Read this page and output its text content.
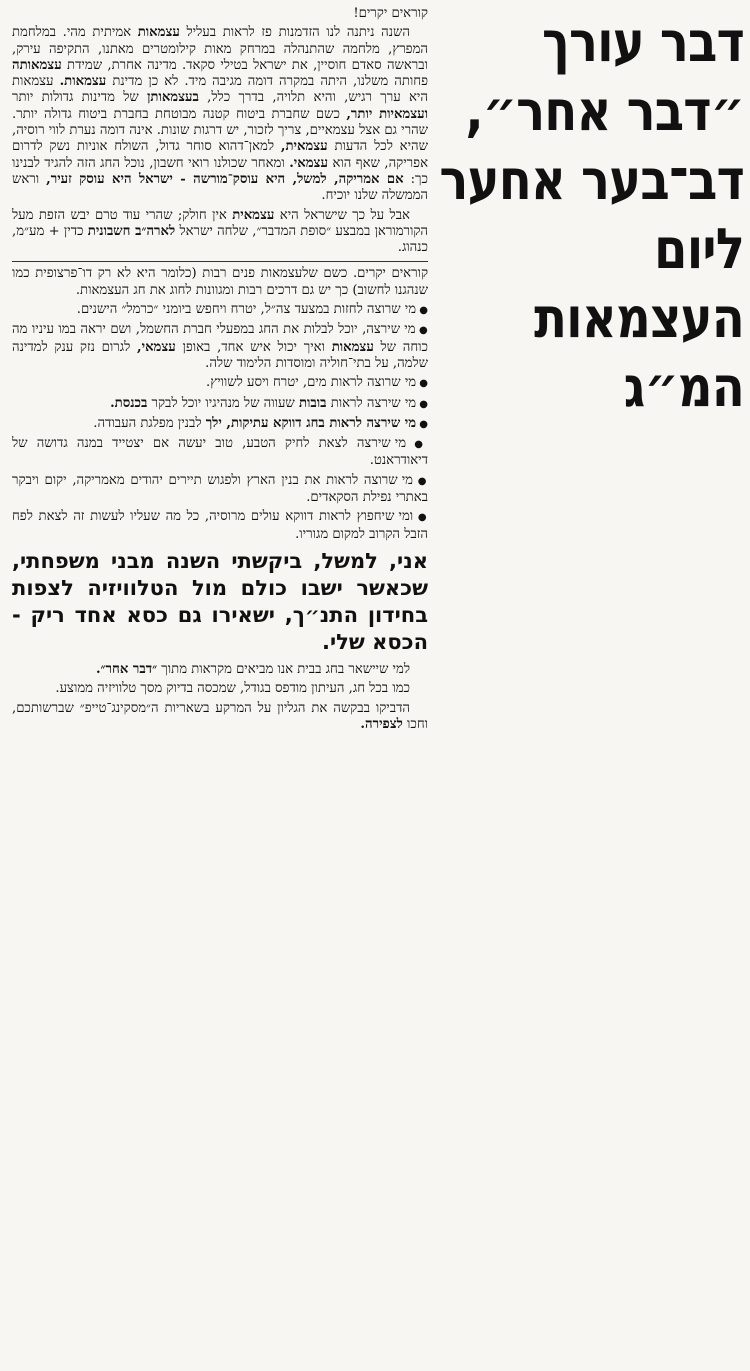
דבר עורך
״דבר אחר״,
דב־בער אחער
ליום
העצמאות
המ״ג

קוראים יקרים!

השנה ניתנה לנו הזדמנות פז לראות בעליל עצמאות אמיתית מהי. במלחמת המפרץ, מלחמה שהתנהלה במרחק מאות קילומטרים מאתנו, התקיפה עירק, ובראשה סאדם חוסיין, את ישראל בטילי סקאד. מדינה אחרת, שמידת עצמאותה פחותה משלנו, היתה במקרה דומה מגיבה מיד. לא כן מדינת עצמאות. עצמאות היא ערך רגיש, והיא תלויה, בדרך כלל, בעצמאותן של מדינות גדולות יותר ועצמאיות יותר, כשם שחברת ביטוח קטנה מבוטחת בחברת ביטוח גדולה יותר. שהרי גם אצל עצמאיים, צריך לזכור, יש דרגות שונות. אינה דומה נערת לווי רוסיה, שהיא לכל הדעות עצמאית, למאן־דהוא סוחר גדול, השולח אוניות נשק לדרום אפריקה, שאף הוא עצמאי. ומאחר שכולנו רואי חשבון, נוכל החג הזה להגיד לבנינו כך: אם אמריקה, למשל, היא עוסק־מורשה - ישראל היא עוסק זעיר, וראש הממשלה שלנו יוכיח.

אבל על כך שישראל היא עצמאית אין חולק; שהרי עוד טרם יבש הזפת מעל הקורמוראן במבצע ״סופת המדבר״, שלחה ישראל לארה״ב חשבונית כדין + מע״מ, כנהוג.

קוראים יקרים. כשם שלעצמאות פנים רבות (כלומר היא לא רק דו־פרצופית כמו שנהגנו לחשוב) כך יש גם דרכים רבות ומגוונות לחוג את חג העצמאות.

● מי שרוצה לחזות במצעד צה״ל, יטרח ויחפש ביומני ״כרמל״ הישנים.

● מי שירצה, יוכל לבלות את החג במפעלי חברת החשמל, ושם יראה במו עיניו מה כוחה של עצמאות ואיך יכול איש אחד, באופן עצמאי, לגרום נזק ענק למדינה שלמה, על בתי־חוליה ומוסדות הלימוד שלה.

● מי שרוצה לראות מים, יטרח ויסע לשוויץ.

● מי שירצה לראות בובות שעווה של מנהיגיו יוכל לבקר בכנסת.

● מי שירצה לראות בחג דווקא עתיקות, ילך לבנין מפלגת העבודה.

● מי שירצה לצאת לחיק הטבע, טוב יעשה אם יצטייד במנה גדושה של דיאודראנט.

● מי שרוצה לראות את בנין הארץ ולפגוש תיירים יהודים מאמריקה, יקום ויבקר באתרי נפילת הסקאדים.

● ומי שיחפוץ לראות דווקא עולים מרוסיה, כל מה שעליו לעשות זה לצאת לפח הזבל הקרוב למקום מגוריו.

אני, למשל, ביקשתי השנה מבני משפחתי, שכאשר ישבו כולם מול הטלוויזיה לצפות בחידון התנ״ך, ישאירו גם כסא אחד ריק - הכסא שלי.

למי שיישאר בחג בבית אנו מביאים מקראות מתוך ״דבר אחר״.

כמו בכל חג, העיתון מודפס בגודל, שמכסה בדיוק מסך טלוויזיה ממוצע.

הדביקו בבקשה את הגליון על המרקע בשאריות ה״מסקינג־טייפ״ שברשותכם, וחכו לצפירה.
